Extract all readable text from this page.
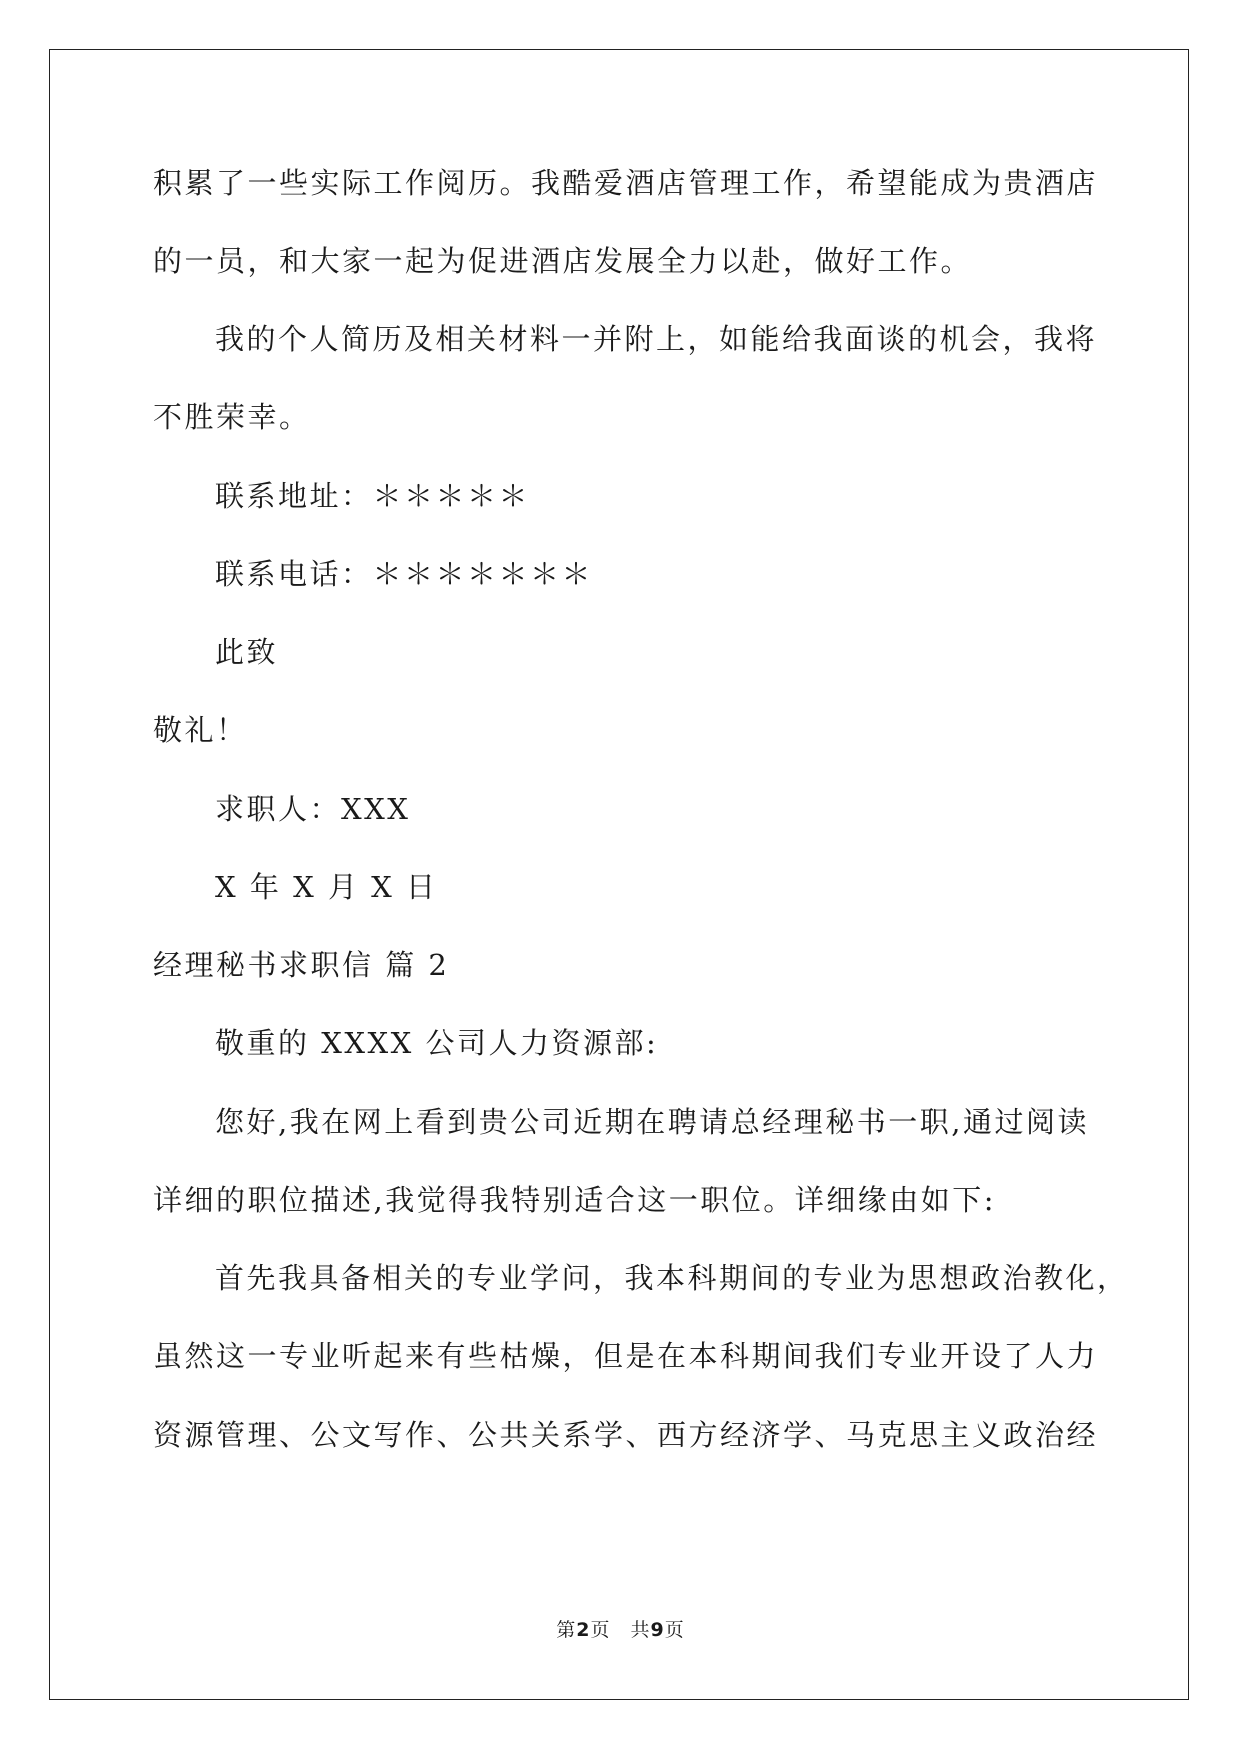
积累了一些实际工作阅历。我酷爱酒店管理工作，希望能成为贵酒店
的一员，和大家一起为促进酒店发展全力以赴，做好工作。
我的个人简历及相关材料一并附上，如能给我面谈的机会，我将
不胜荣幸。
联系地址：＊＊＊＊＊
联系电话：＊＊＊＊＊＊＊
此致
敬礼！
求职人：XXX
X 年 X 月 X 日
经理秘书求职信 篇 2
敬重的 XXXX 公司人力资源部:
您好,我在网上看到贵公司近期在聘请总经理秘书一职,通过阅读
详细的职位描述,我觉得我特别适合这一职位。详细缘由如下:
首先我具备相关的专业学问，我本科期间的专业为思想政治教化，
虽然这一专业听起来有些枯燥，但是在本科期间我们专业开设了人力
资源管理、公文写作、公共关系学、西方经济学、马克思主义政治经
第2页　共9页
